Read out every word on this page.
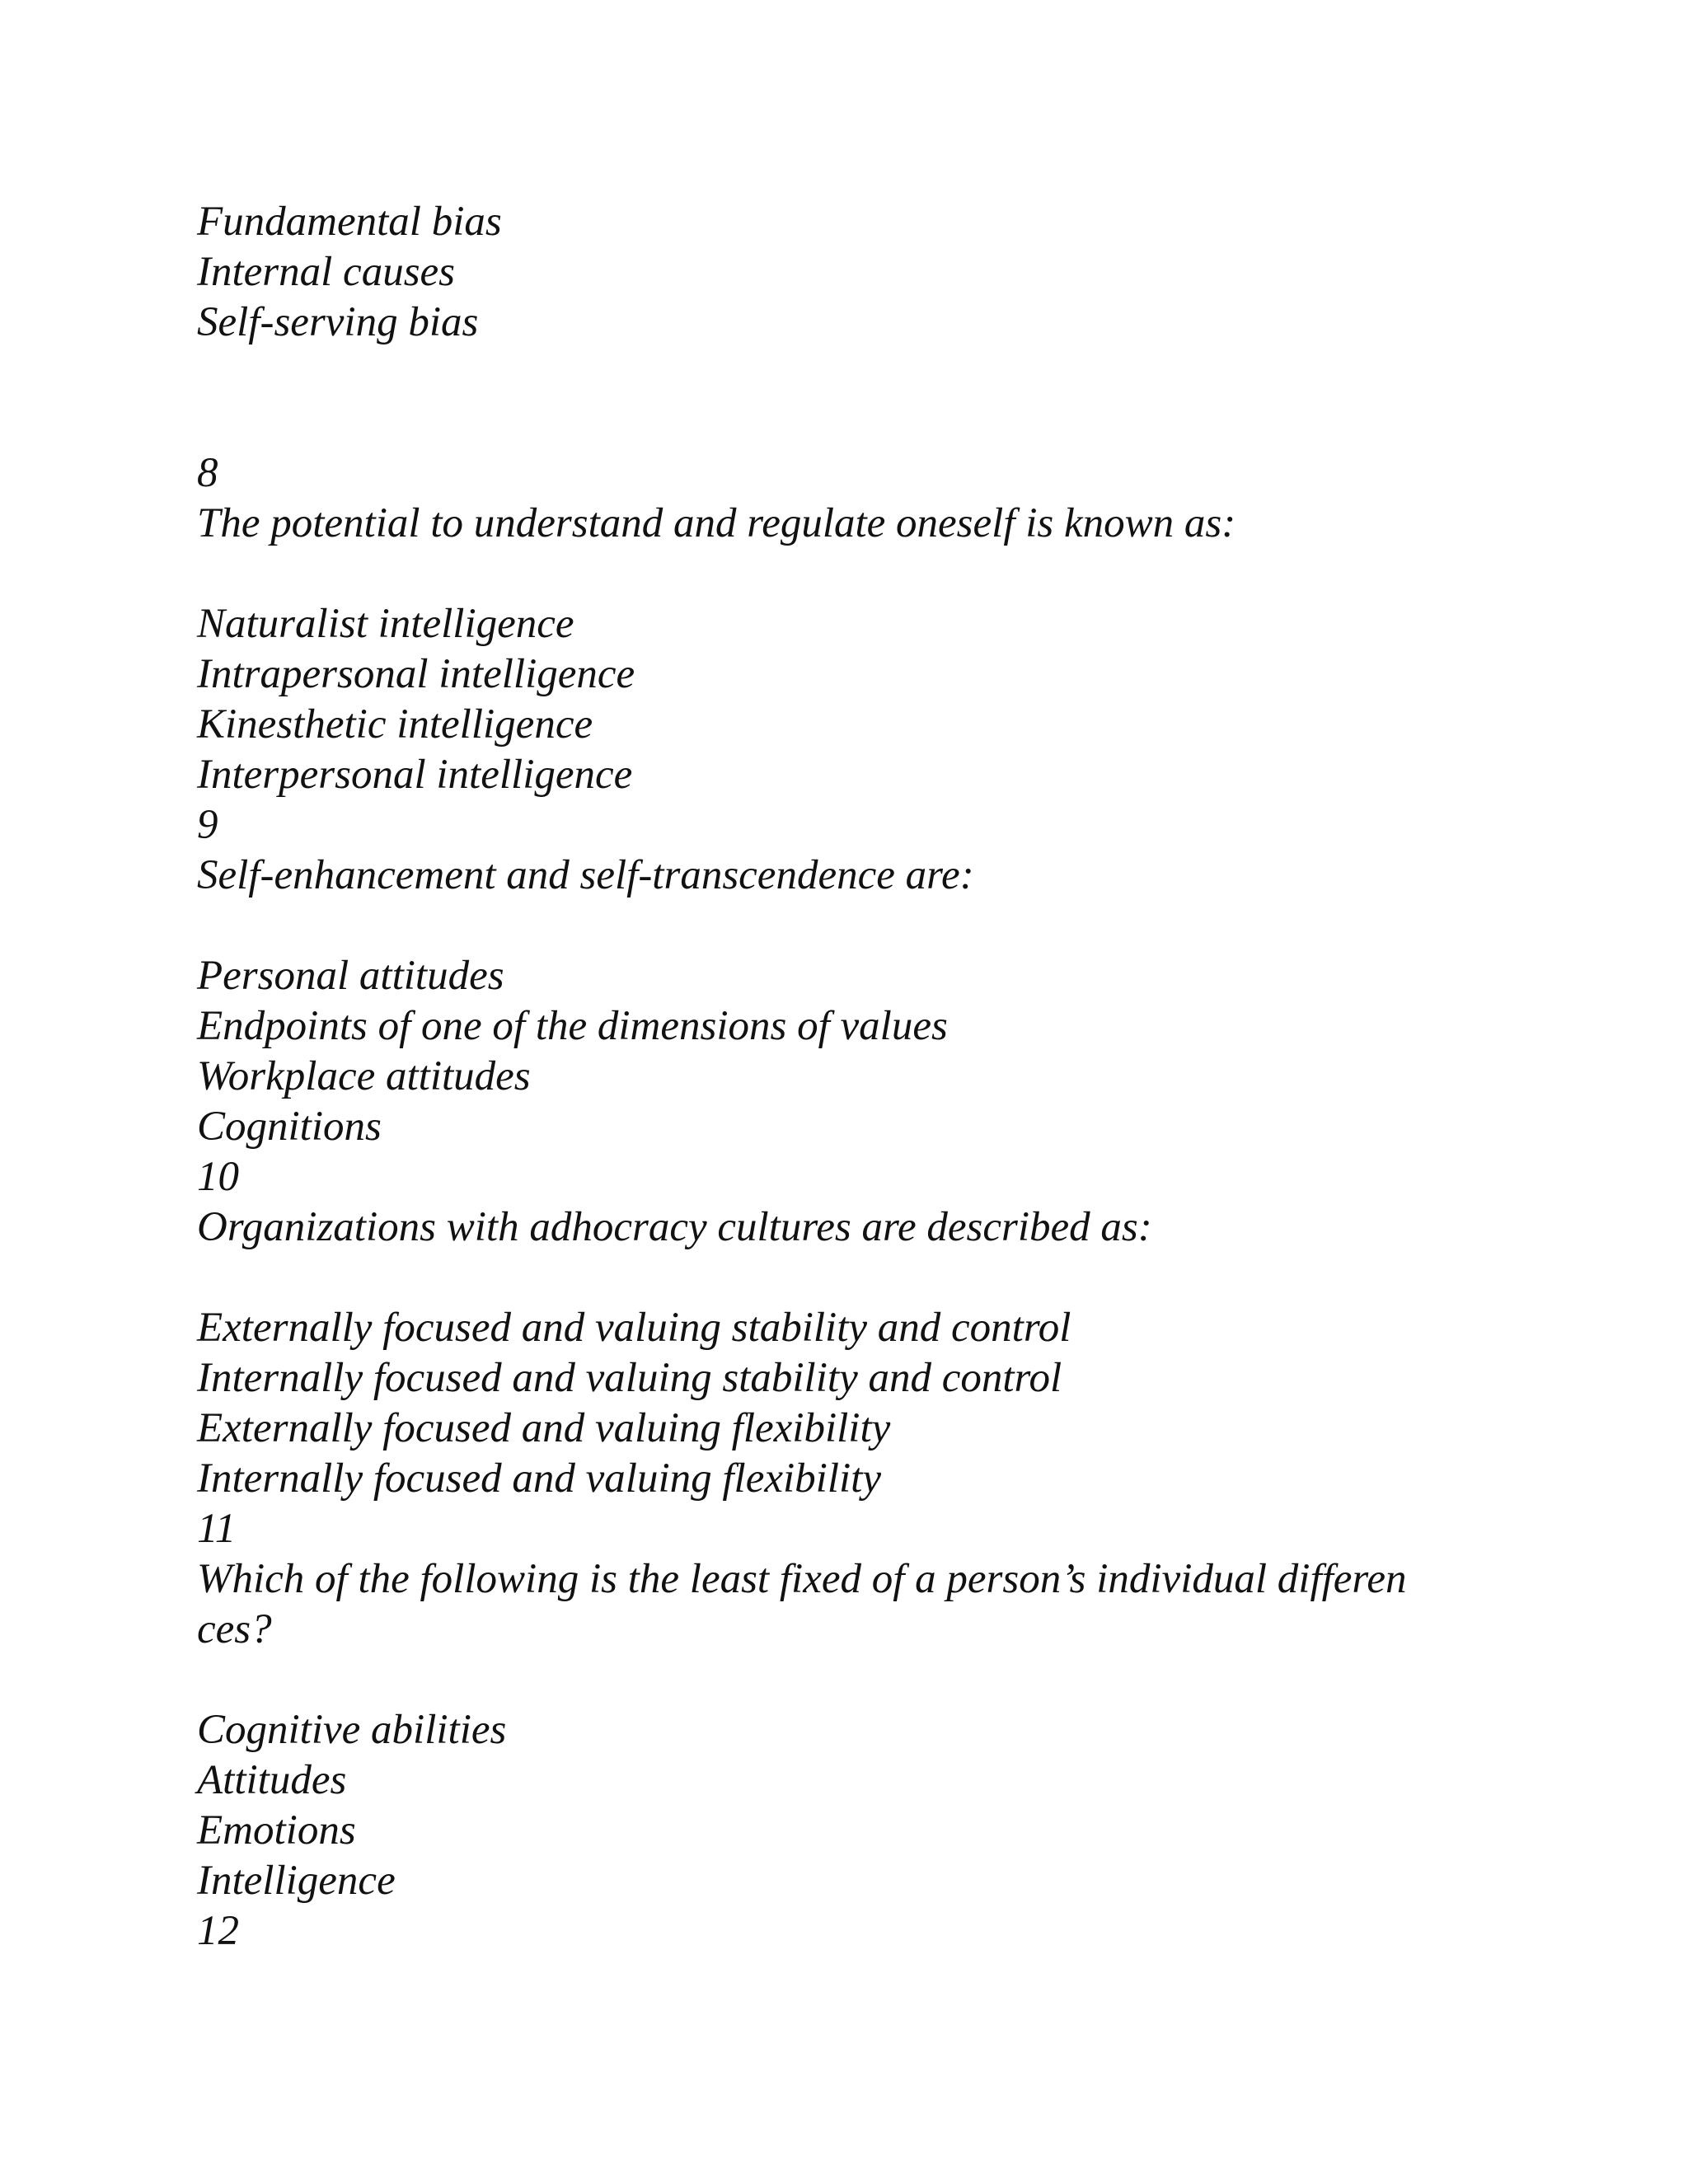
Fundamental bias

Internal causes

Self-serving bias

8

The potential to understand and regulate oneself is known as:

Naturalist intelligence

Intrapersonal intelligence

Kinesthetic intelligence

Interpersonal intelligence

9

Self-enhancement and self-transcendence are:

Personal attitudes

Endpoints of one of the dimensions of values

Workplace attitudes

Cognitions

10

Organizations with adhocracy cultures are described as:

Externally focused and valuing stability and control

Internally focused and valuing stability and control

Externally focused and valuing flexibility

Internally focused and valuing flexibility

11

Which of the following is the least fixed of a person’s individual differen

ces?

Cognitive abilities

Attitudes

Emotions

Intelligence

12
